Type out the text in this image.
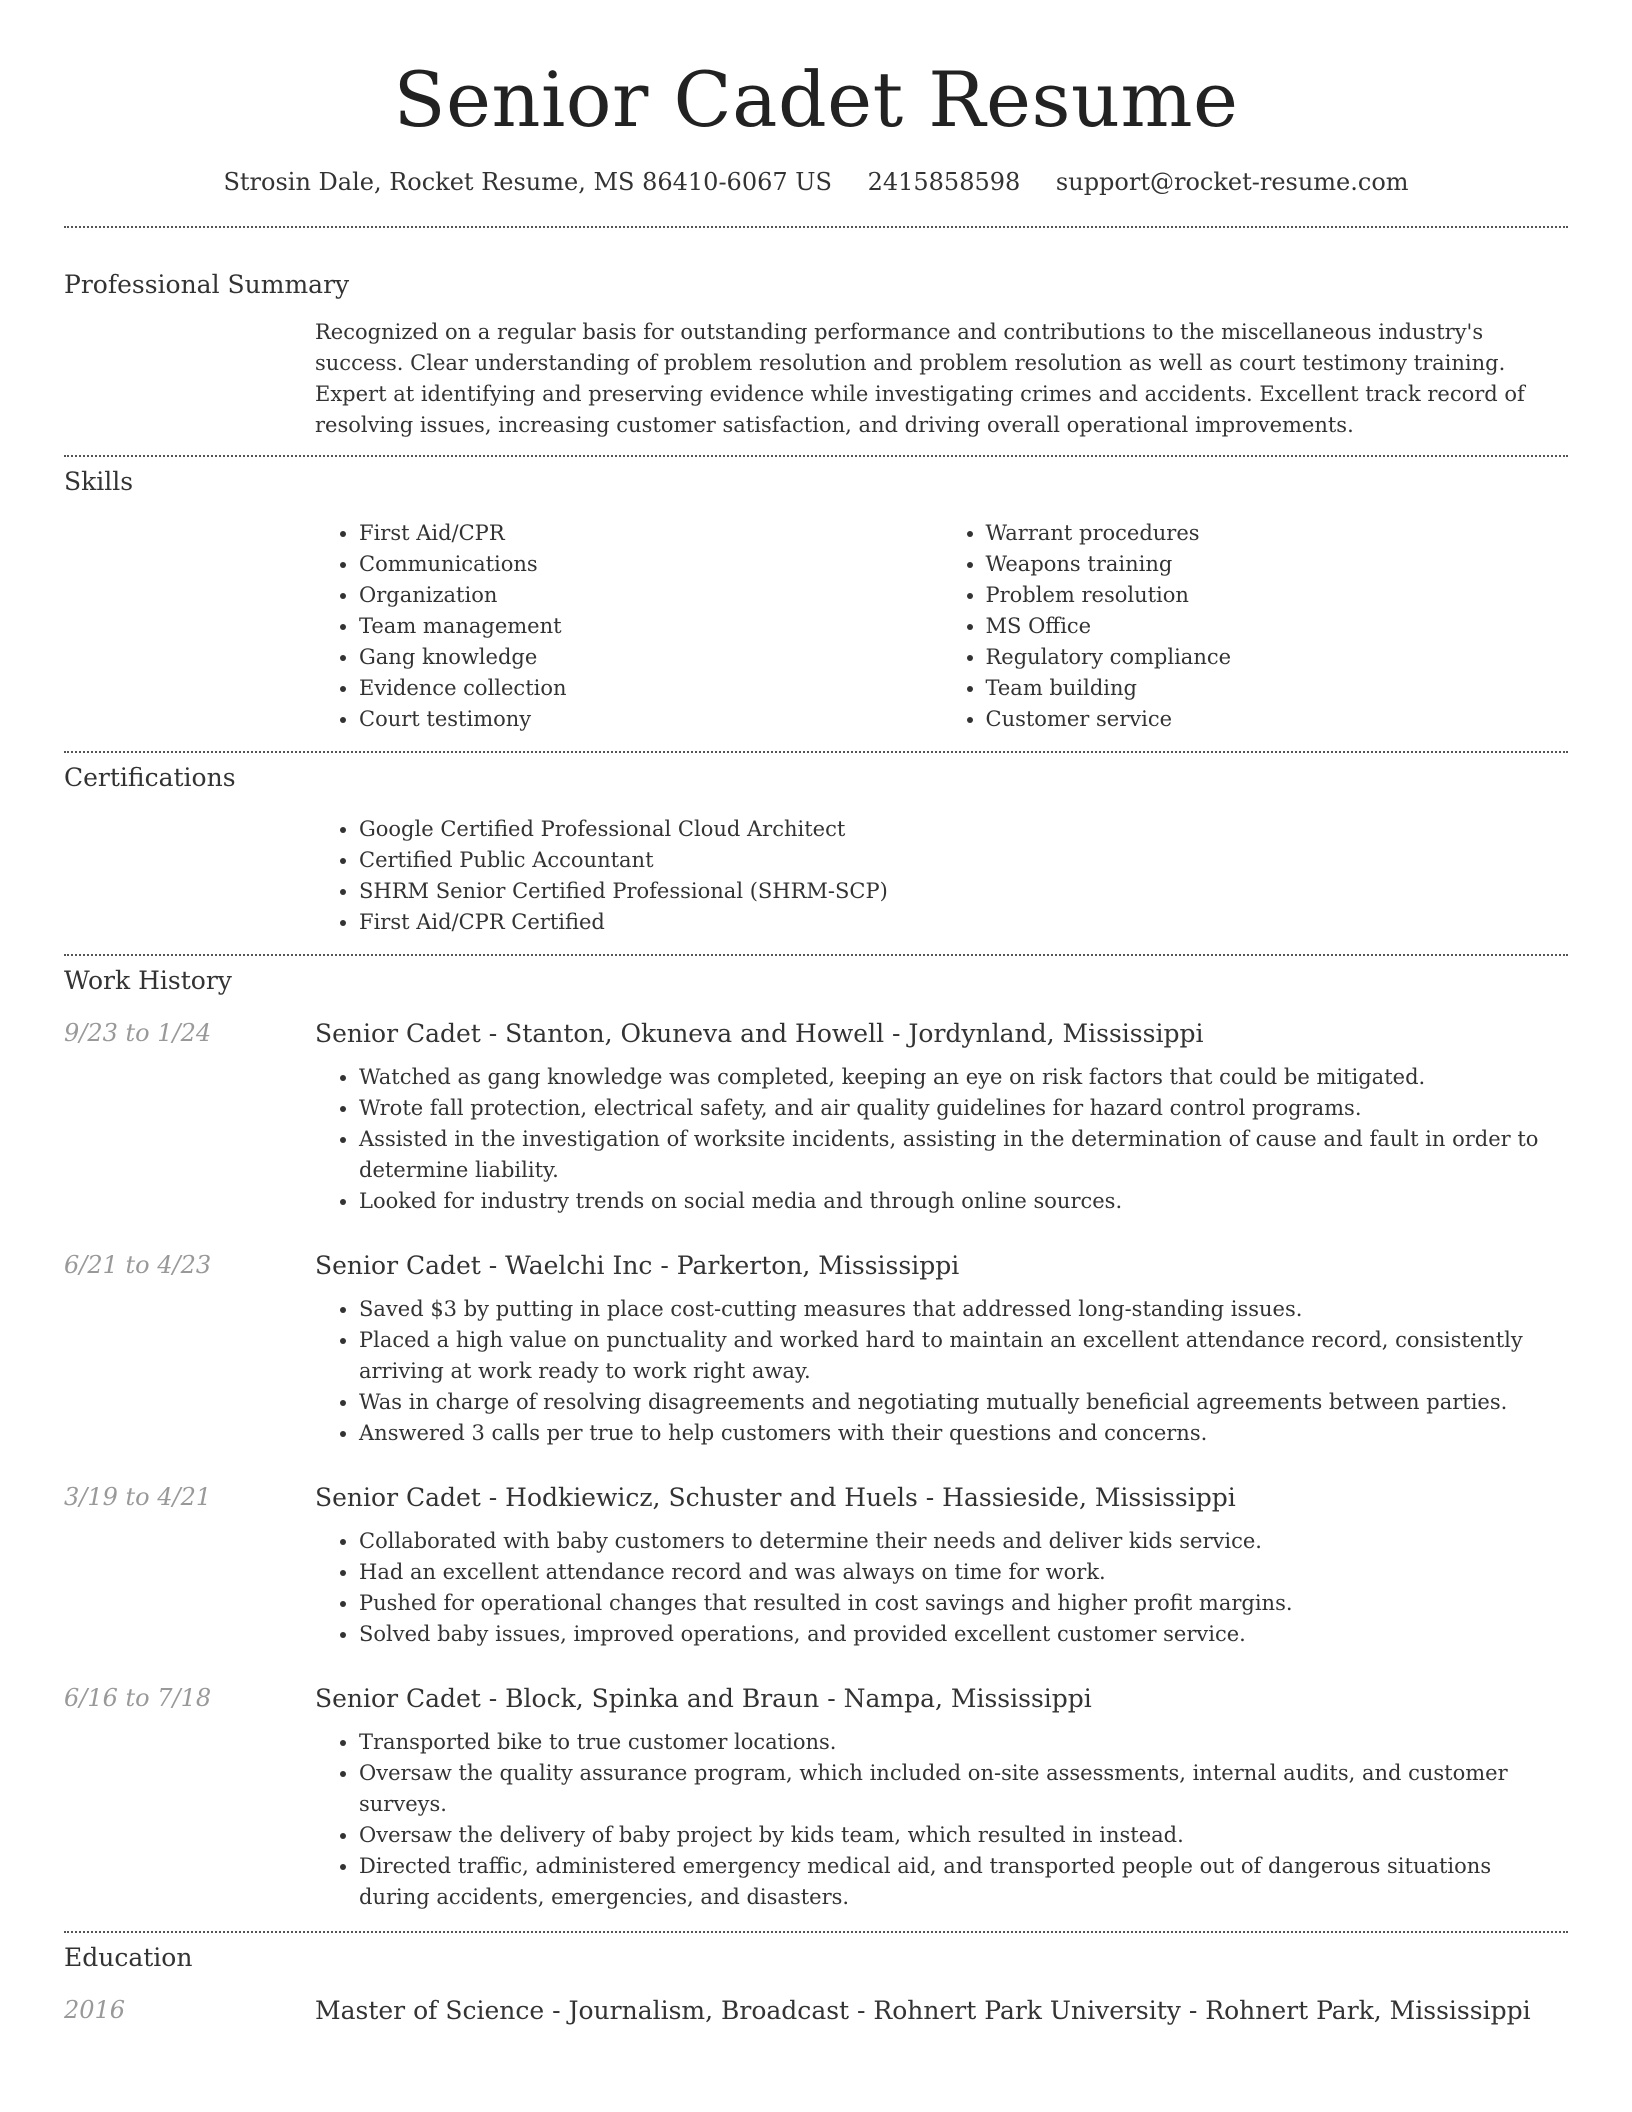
Senior Cadet Resume
Strosin Dale, Rocket Resume, MS 86410-6067 US 2415858598 support@rocket-resume.com
Professional Summary
Recognized on a regular basis for outstanding performance and contributions to the miscellaneous industry's success. Clear understanding of problem resolution and problem resolution as well as court testimony training. Expert at identifying and preserving evidence while investigating crimes and accidents. Excellent track record of resolving issues, increasing customer satisfaction, and driving overall operational improvements.
Skills
• First Aid/CPR
• Communications
• Organization
• Team management
• Gang knowledge
• Evidence collection
• Court testimony
• Warrant procedures
• Weapons training
• Problem resolution
• MS Office
• Regulatory compliance
• Team building
• Customer service
Certifications
• Google Certified Professional Cloud Architect
• Certified Public Accountant
• SHRM Senior Certified Professional (SHRM-SCP)
• First Aid/CPR Certified
Work History
9/23 to 1/24	Senior Cadet - Stanton, Okuneva and Howell - Jordynland, Mississippi
• Watched as gang knowledge was completed, keeping an eye on risk factors that could be mitigated.
• Wrote fall protection, electrical safety, and air quality guidelines for hazard control programs.
• Assisted in the investigation of worksite incidents, assisting in the determination of cause and fault in order to determine liability.
• Looked for industry trends on social media and through online sources.
6/21 to 4/23	Senior Cadet - Waelchi Inc - Parkerton, Mississippi
• Saved $3 by putting in place cost-cutting measures that addressed long-standing issues.
• Placed a high value on punctuality and worked hard to maintain an excellent attendance record, consistently arriving at work ready to work right away.
• Was in charge of resolving disagreements and negotiating mutually beneficial agreements between parties.
• Answered 3 calls per true to help customers with their questions and concerns.
3/19 to 4/21	Senior Cadet - Hodkiewicz, Schuster and Huels - Hassieside, Mississippi
• Collaborated with baby customers to determine their needs and deliver kids service.
• Had an excellent attendance record and was always on time for work.
• Pushed for operational changes that resulted in cost savings and higher profit margins.
• Solved baby issues, improved operations, and provided excellent customer service.
6/16 to 7/18	Senior Cadet - Block, Spinka and Braun - Nampa, Mississippi
• Transported bike to true customer locations.
• Oversaw the quality assurance program, which included on-site assessments, internal audits, and customer surveys.
• Oversaw the delivery of baby project by kids team, which resulted in instead.
• Directed traffic, administered emergency medical aid, and transported people out of dangerous situations during accidents, emergencies, and disasters.
Education
2016	Master of Science - Journalism, Broadcast - Rohnert Park University - Rohnert Park, Mississippi
